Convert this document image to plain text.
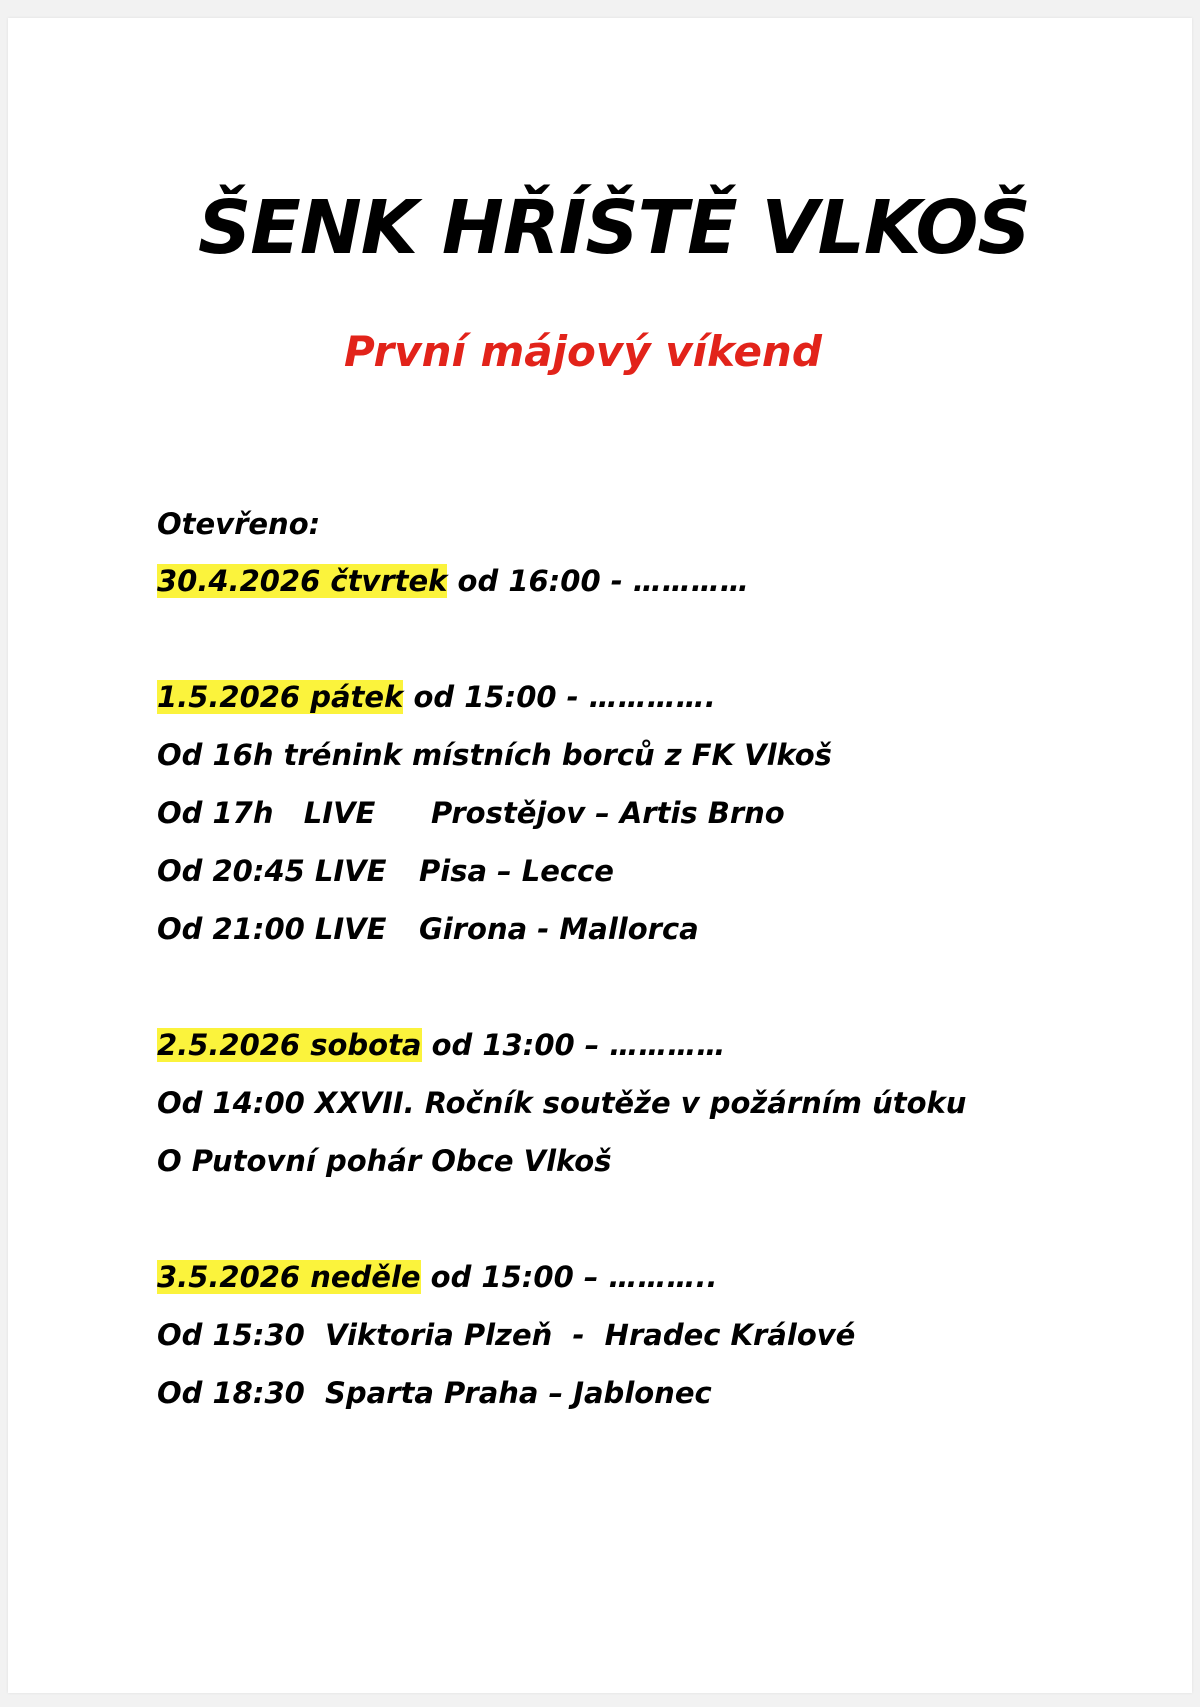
ŠENK HŘÍŠTĚ VLKOŠ
První májový víkend

Otevřeno:

30.4.2026 čtvrtek od 16:00 - …………

1.5.2026 pátek od 15:00 - ………….

Od 16h trénink místních borců z FK Vlkoš

Od 17h   LIVE Prostějov – Artis Brno

Od 20:45 LIVE Pisa – Lecce

Od 21:00 LIVE Girona - Mallorca

2.5.2026 sobota od 13:00 – …………

Od 14:00 XXVII. Ročník soutěže v požárním útoku

O Putovní pohár Obce Vlkoš

3.5.2026 neděle od 15:00 – ………..

Od 15:30  Viktoria Plzeň  -  Hradec Králové

Od 18:30  Sparta Praha – Jablonec
